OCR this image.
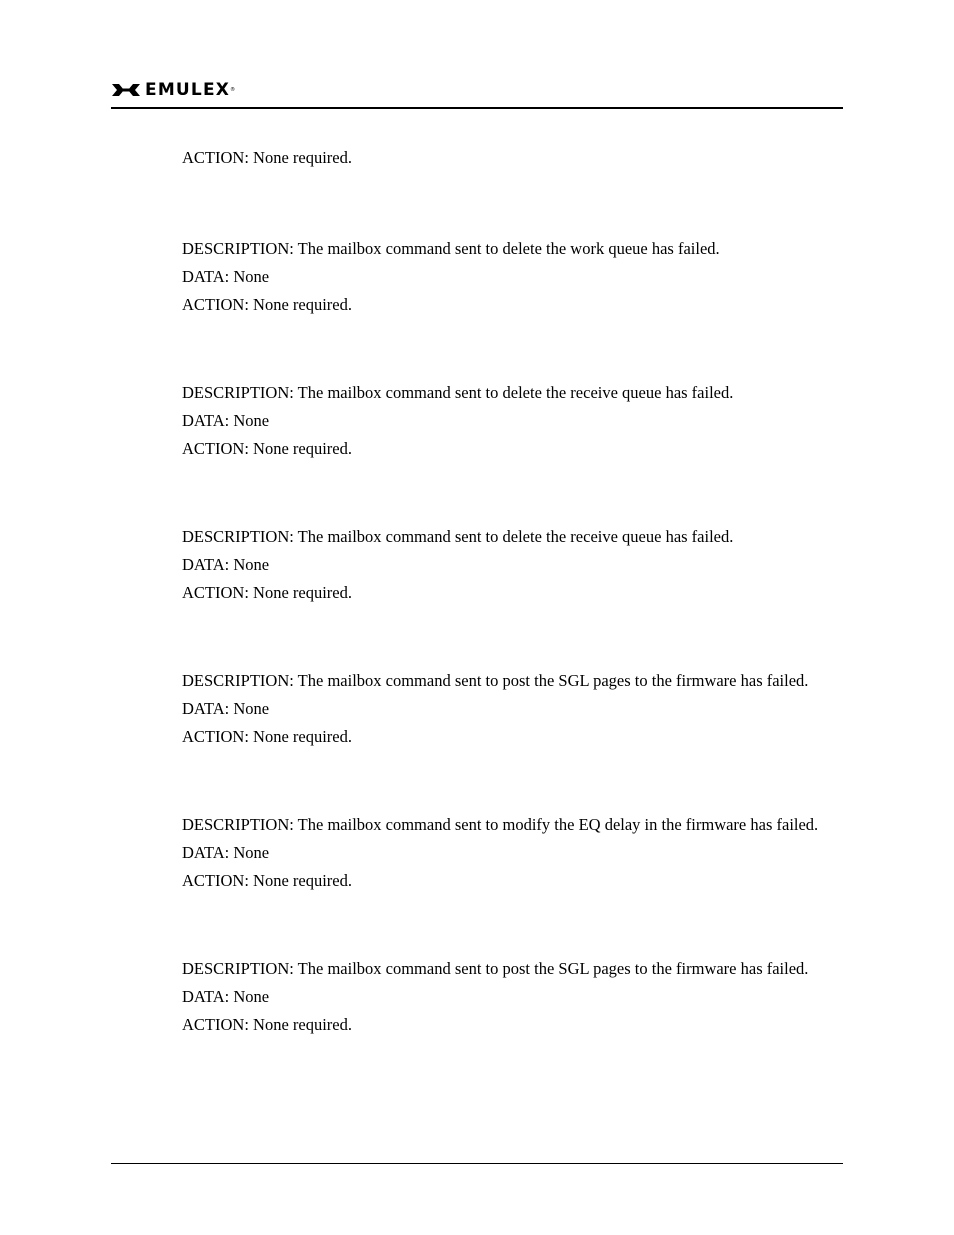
EMULEX ®

ACTION: None required.

DESCRIPTION: The mailbox command sent to delete the work queue has failed.

DATA: None

ACTION: None required.

DESCRIPTION: The mailbox command sent to delete the receive queue has failed.

DATA: None

ACTION: None required.

DESCRIPTION: The mailbox command sent to delete the receive queue has failed.

DATA: None

ACTION: None required.

DESCRIPTION: The mailbox command sent to post the SGL pages to the firmware has failed.

DATA: None

ACTION: None required.

DESCRIPTION: The mailbox command sent to modify the EQ delay in the firmware has failed.

DATA: None

ACTION: None required.

DESCRIPTION: The mailbox command sent to post the SGL pages to the firmware has failed.

DATA: None

ACTION: None required.
